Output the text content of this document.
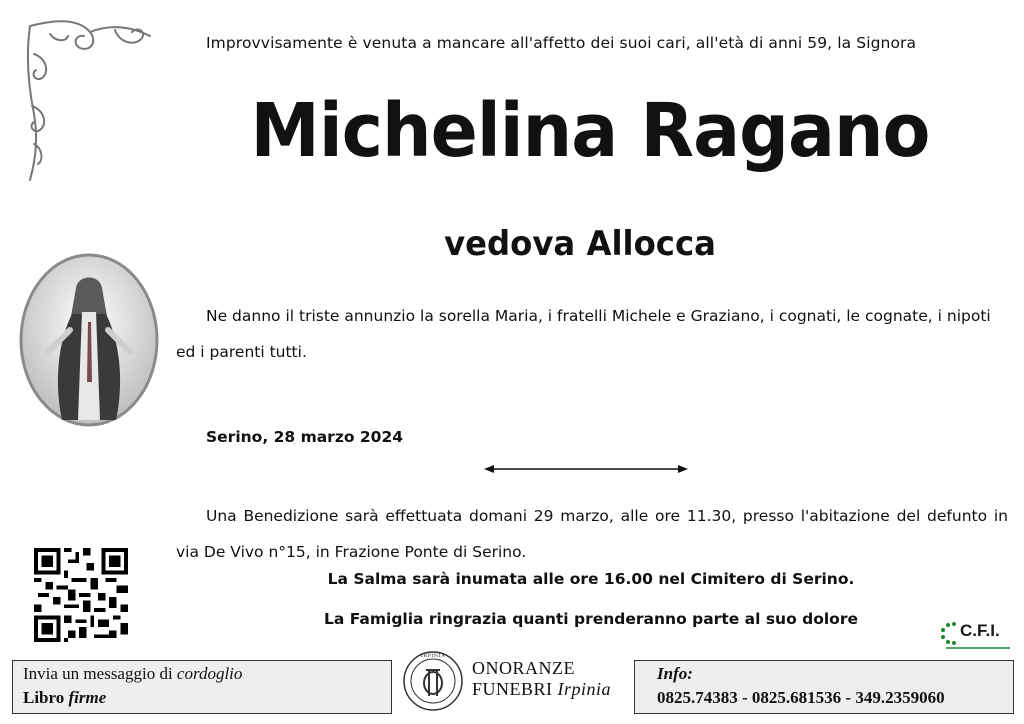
Improvvisamente è venuta a mancare all'affetto dei suoi cari, all'età di anni 59, la Signora
Michelina Ragano
vedova Allocca
Ne danno il triste annunzio la sorella Maria, i fratelli Michele e Graziano, i cognati, le cognate, i nipoti ed i parenti tutti.
Serino, 28 marzo 2024
Una Benedizione sarà effettuata domani 29 marzo, alle ore 11.30, presso l'abitazione del defunto in via De Vivo n°15, in Frazione Ponte di Serino.
La Salma sarà inumata alle ore 16.00 nel Cimitero di Serino.
La Famiglia ringrazia quanti prenderanno parte al suo dolore
C.F.I.
Invia un messaggio di cordoglio
Libro firme
IRPINIA
ONORANZE
FUNEBRI Irpinia
Info:
0825.74383 - 0825.681536 - 349.2359060
